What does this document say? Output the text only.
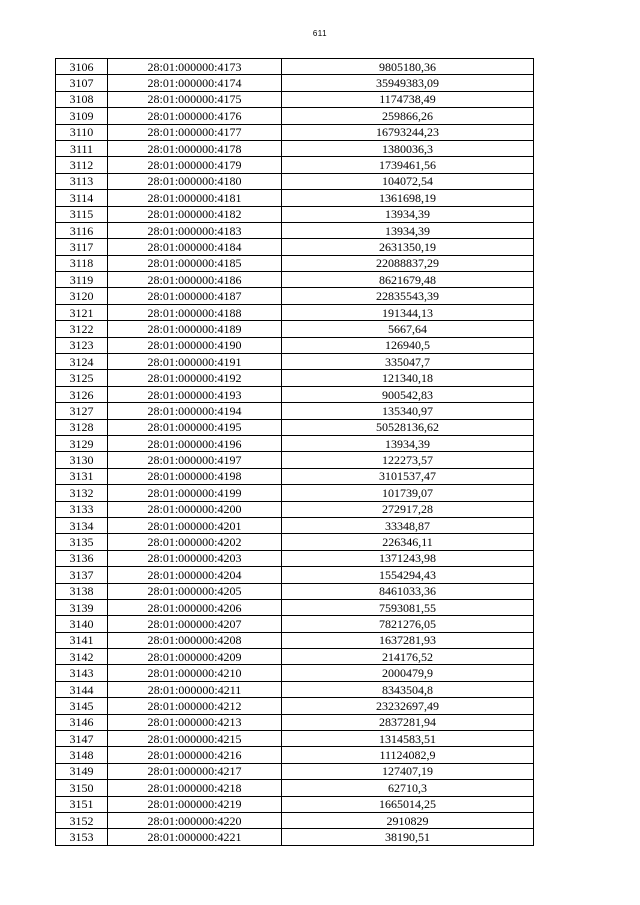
611
3106	28:01:000000:4173	9805180,36
3107	28:01:000000:4174	35949383,09
3108	28:01:000000:4175	1174738,49
3109	28:01:000000:4176	259866,26
3110	28:01:000000:4177	16793244,23
3111	28:01:000000:4178	1380036,3
3112	28:01:000000:4179	1739461,56
3113	28:01:000000:4180	104072,54
3114	28:01:000000:4181	1361698,19
3115	28:01:000000:4182	13934,39
3116	28:01:000000:4183	13934,39
3117	28:01:000000:4184	2631350,19
3118	28:01:000000:4185	22088837,29
3119	28:01:000000:4186	8621679,48
3120	28:01:000000:4187	22835543,39
3121	28:01:000000:4188	191344,13
3122	28:01:000000:4189	5667,64
3123	28:01:000000:4190	126940,5
3124	28:01:000000:4191	335047,7
3125	28:01:000000:4192	121340,18
3126	28:01:000000:4193	900542,83
3127	28:01:000000:4194	135340,97
3128	28:01:000000:4195	50528136,62
3129	28:01:000000:4196	13934,39
3130	28:01:000000:4197	122273,57
3131	28:01:000000:4198	3101537,47
3132	28:01:000000:4199	101739,07
3133	28:01:000000:4200	272917,28
3134	28:01:000000:4201	33348,87
3135	28:01:000000:4202	226346,11
3136	28:01:000000:4203	1371243,98
3137	28:01:000000:4204	1554294,43
3138	28:01:000000:4205	8461033,36
3139	28:01:000000:4206	7593081,55
3140	28:01:000000:4207	7821276,05
3141	28:01:000000:4208	1637281,93
3142	28:01:000000:4209	214176,52
3143	28:01:000000:4210	2000479,9
3144	28:01:000000:4211	8343504,8
3145	28:01:000000:4212	23232697,49
3146	28:01:000000:4213	2837281,94
3147	28:01:000000:4215	1314583,51
3148	28:01:000000:4216	11124082,9
3149	28:01:000000:4217	127407,19
3150	28:01:000000:4218	62710,3
3151	28:01:000000:4219	1665014,25
3152	28:01:000000:4220	2910829
3153	28:01:000000:4221	38190,51
